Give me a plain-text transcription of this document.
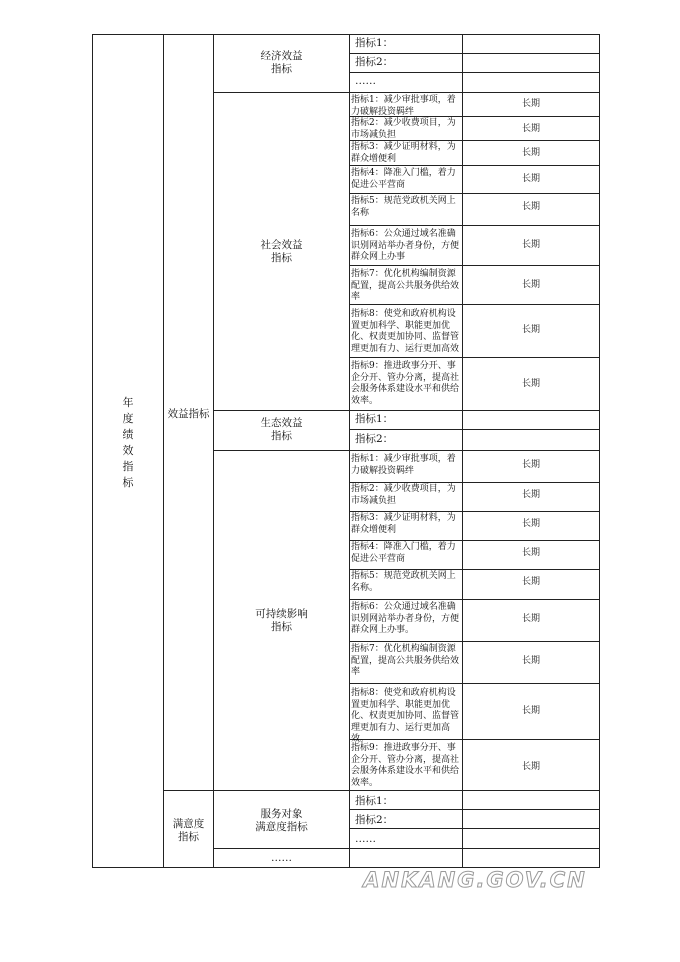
年
度
绩
效
指
标
效益指标
满意度
指标
经济效益
指标
社会效益
指标
生态效益
指标
可持续影响
指标
服务对象
满意度指标
……
指标1：
指标2：
……
指标1：
指标2：
指标1：
指标2：
……
指标1：减少审批事项，着力破解投资羁绊
长期
指标2：减少收费项目，为市场减负担
长期
指标3：减少证明材料，为群众增便利
长期
指标4：降准入门槛，着力促进公平营商
长期
指标5：规范党政机关网上名称
长期
指标6：公众通过域名准确识别网站举办者身份，方便群众网上办事
长期
指标7：优化机构编制资源配置，提高公共服务供给效率
长期
指标8：使党和政府机构设置更加科学、职能更加优化、权责更加协同、监督管理更加有力、运行更加高效
长期
指标9：推进政事分开、事企分开、管办分离，提高社会服务体系建设水平和供给效率。
长期
指标1：减少审批事项，着力破解投资羁绊
长期
指标2：减少收费项目，为市场减负担
长期
指标3：减少证明材料，为群众增便利
长期
指标4：降准入门槛，着力促进公平营商
长期
指标5：规范党政机关网上名称。
长期
指标6：公众通过域名准确识别网站举办者身份，方便群众网上办事。
长期
指标7：优化机构编制资源配置，提高公共服务供给效率
长期
指标8：使党和政府机构设置更加科学、职能更加优化、权责更加协同、监督管理更加有力、运行更加高效。
长期
指标9：推进政事分开、事企分开、管办分离，提高社会服务体系建设水平和供给效率。
长期
ANKANG.GOV.CN
